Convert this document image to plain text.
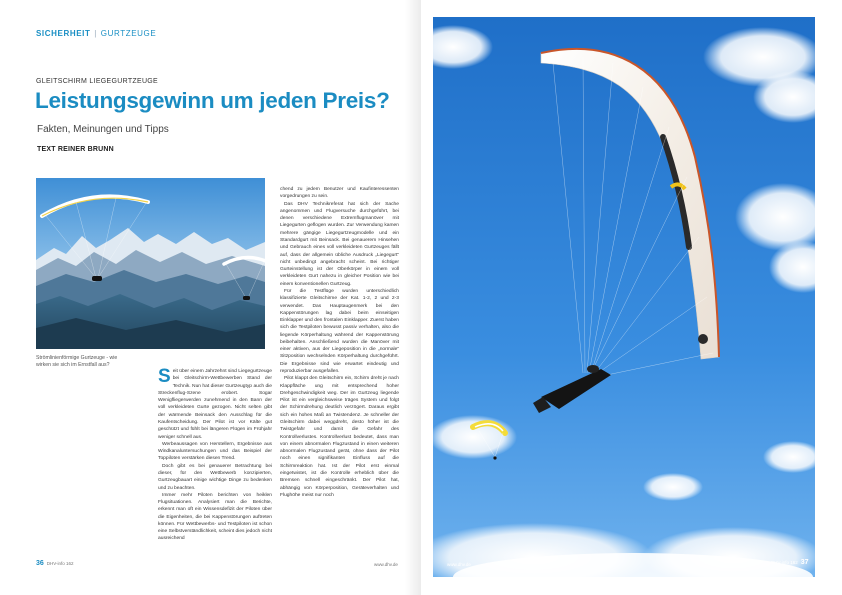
SICHERHEIT | GURTZEUGE
GLEITSCHIRM LIEGEGURTZEUGE
Leistungsgewinn um jeden Preis?
Fakten, Meinungen und Tipps
TEXT REINER BRUNN
Strömlinienförmige Gurtzeuge - wie wirken sie sich im Ernstfall aus?

Seit über einem Jahrzehnt sind Liegegurtzeuge bei Gleitschirm-Wettbewerben Stand der Technik. Nun hat dieser Gurtzeugtyp auch die Streckenflug-Szene erobert. Sogar Wenigfliegerwerden zunehmend in den Bann der voll verkleideten Gurte gezogen. Nicht selten gibt der wärmende Beinsack den Ausschlag für die Kaufentscheidung. Der Pilot ist vor Kälte gut geschützt und fühlt bei längeren Flügen im Frühjahr weniger schnell aus.

Werbeaussagen von Herstellern, Ergebnisse aus Windkanaluntersuchungen und das Beispiel der Toppiloten verstärken diesen Trend.

Doch gibt es bei genauerer Betrachtung bei dieser, für den Wettbewerb konzipierten, Gurtzeugbauart einige wichtige Dinge zu bedenken und zu beachten.

Immer mehr Piloten berichten von heiklen Flugsituationen. Analysiert man die Berichte, erkennt man oft ein Wissensdefizit der Piloten über die Eigenheiten, die bei Kappenstörungen auftreten können. Für Wettbewerbs- und Testpiloten ist schon eine Selbstverständlichkeit, scheint dies jedoch nicht ausreichend

chend zu jedem Benutzer und Kaufinteressenten vorgedrungen zu sein.

Das DHV Technikreferat hat sich der Sache angenommen und Flugversuche durchgeführt, bei denen verschiedene Extremflugmanöver mit Liegegurten geflogen wurden. Zur Verwendung kamen mehrere gängige Liegegurtzeugmodelle und ein Standardgurt mit Beinsack. Bei genauerem Hinsehen und Gebrauch eines voll verkleideten Gurtzeuges fällt auf, dass der allgemein übliche Ausdruck „Liegegurt“ nicht unbedingt angebracht scheint. Bei richtiger Gurteinstellung ist der Oberkörper in einem voll verkleideten Gurt nahezu in gleicher Position wie bei einem konventionellen Gurtzeug.

Für die Testflüge wurden unterschiedlich klassifizierte Gleitschirme der Kat. 1-2, 2 und 2-3 verwendet. Das Hauptaugenmerk bei den Kappenstörungen lag dabei beim einseitigen Einklapper und den frontalen Einklapper. Zuerst haben sich die Testpiloten bewusst passiv verhalten, also die liegende Körperhaltung während der Kappenstörung beibehalten. Anschließend wurden die Manöver mit einer aktiven, aus der Liegeposition in die „normale“ Sitzposition wechselnden Körperhaltung durchgeführt. Die Ergebnisse sind wie erwartet eindeutig und reproduzierbar ausgefallen.

Pilot klappt den Gleitschirm ein, Schirm dreht je nach Klappfläche ung mit entsprechend hoher Drehgeschwindigkeit weg. Der im Gurtzeug liegende Pilot ist ein vergleichsweise träges System und folgt der Schirmdrehung deutlich verzögert. Daraus ergibt sich ein hohes Maß an Twistendenz. Je schneller der Gleitschirm dabei weggdreht, desto höher ist die Twistgefahr und damit die Gefahr des Kontrollverlustes. Kontrollverlust bedeutet, dass man von einem abnormalen Flugzustand in einen weiteren abnormalen Flugzustand gerät, ohne dass der Pilot noch einen signifikanten Einfluss auf die Schirmreaktion hat. Ist der Pilot erst einmal eingetwistet, ist die Kontrolle erheblich über die Bremsen schnell eingeschränkt. Der Pilot hat, abhängig von Körperposition, Geräteverhalten und Flughöhe meist nur noch

36 DHV-info 162	www.dhv.de	www.dhv.de	DHV-info 162 37
